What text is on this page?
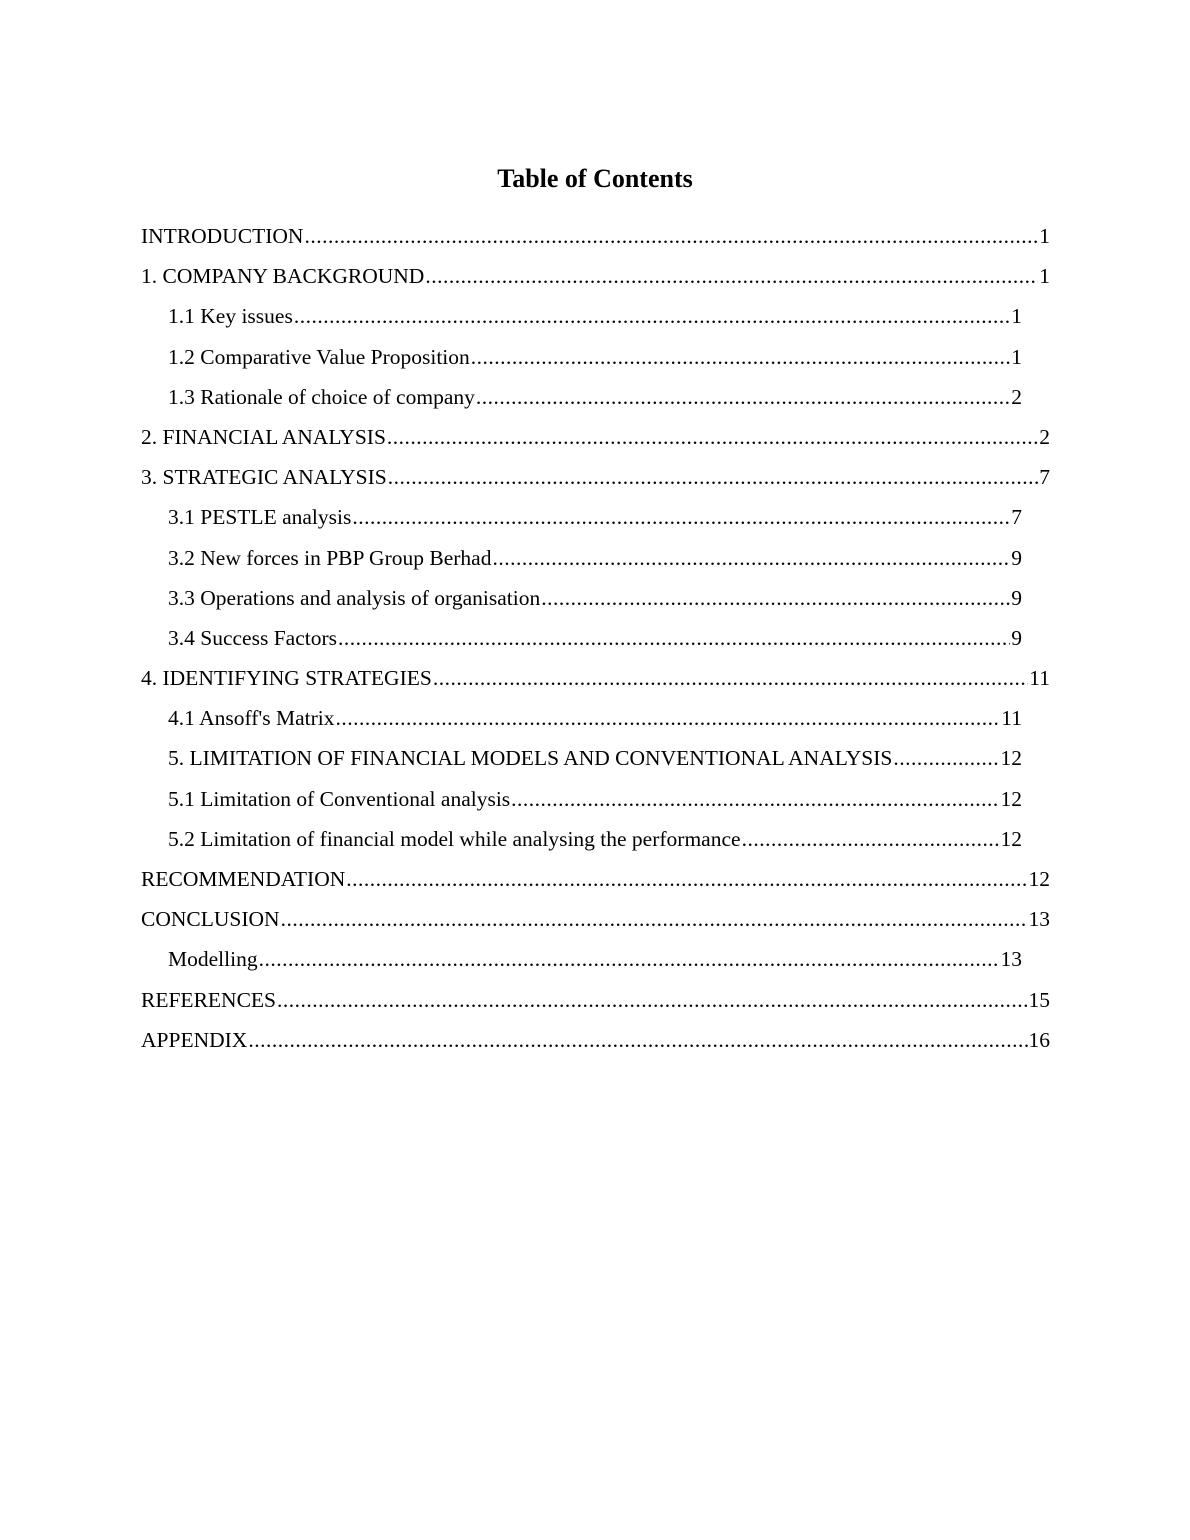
Table of Contents
INTRODUCTION .....	1
1. COMPANY BACKGROUND .....	1
1.1 Key issues .....	1
1.2 Comparative Value Proposition .....	1
1.3 Rationale of choice of company .....	2
2. FINANCIAL ANALYSIS .....	2
3. STRATEGIC ANALYSIS .....	7
3.1 PESTLE analysis .....	7
3.2 New forces in PBP Group Berhad .....	9
3.3 Operations and analysis of organisation .....	9
3.4 Success Factors .....	9
4. IDENTIFYING STRATEGIES .....	11
4.1 Ansoff's Matrix .....	11
5. LIMITATION OF FINANCIAL MODELS AND CONVENTIONAL ANALYSIS .....	12
5.1 Limitation of Conventional analysis .....	12
5.2 Limitation of financial model while analysing the performance .....	12
RECOMMENDATION .....	12
CONCLUSION .....	13
Modelling .....	13
REFERENCES .....	15
APPENDIX .....	16
